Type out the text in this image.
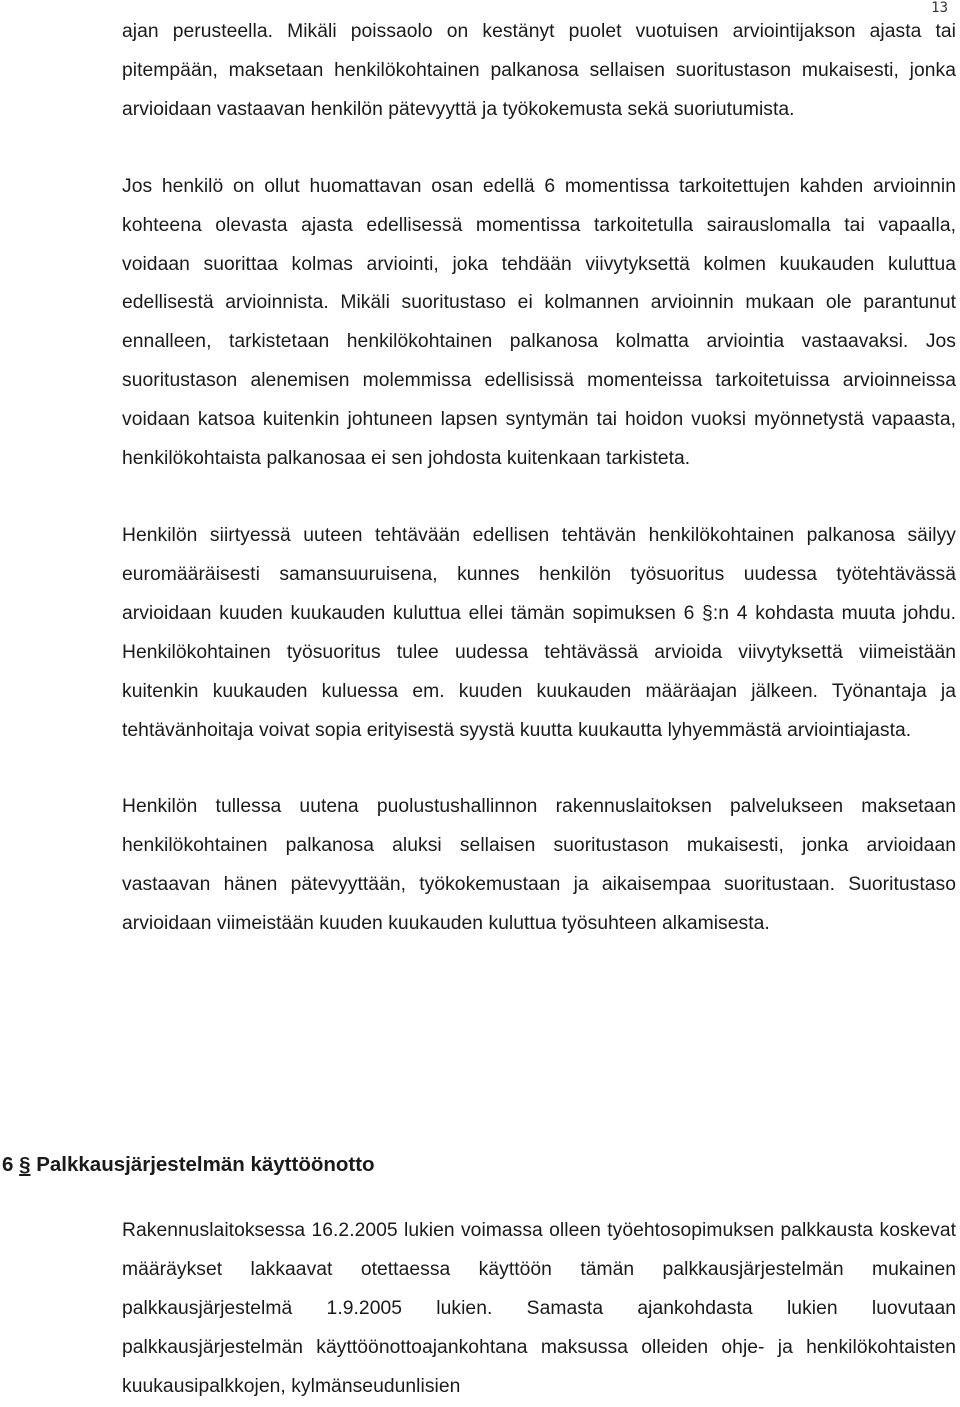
13

ajan perusteella. Mikäli poissaolo on kestänyt puolet vuotuisen arviointijakson ajasta tai pitempään, maksetaan henkilökohtainen palkanosa sellaisen suoritustason mukaisesti, jonka arvioidaan vastaavan henkilön pätevyyttä ja työkokemusta sekä suoriutumista.

Jos henkilö on ollut huomattavan osan edellä 6 momentissa tarkoitettujen kahden arvioinnin kohteena olevasta ajasta edellisessä momentissa tarkoitetulla sairauslomalla tai vapaalla, voidaan suorittaa kolmas arviointi, joka tehdään viivytyksettä kolmen kuukauden kuluttua edellisestä arvioinnista. Mikäli suoritustaso ei kolmannen arvioinnin mukaan ole parantunut ennalleen, tarkistetaan henkilökohtainen palkanosa kolmatta arviointia vastaavaksi. Jos suoritustason alenemisen molemmissa edellisissä momenteissa tarkoitetuissa arvioinneissa voidaan katsoa kuitenkin johtuneen lapsen syntymän tai hoidon vuoksi myönnetystä vapaasta, henkilökohtaista palkanosaa ei sen johdosta kuitenkaan tarkisteta.

Henkilön siirtyessä uuteen tehtävään edellisen tehtävän henkilökohtainen palkanosa säilyy euromääräisesti samansuuruisena, kunnes henkilön työsuoritus uudessa työtehtävässä arvioidaan kuuden kuukauden kuluttua ellei tämän sopimuksen 6 §:n 4 kohdasta muuta johdu. Henkilökohtainen työsuoritus tulee uudessa tehtävässä arvioida viivytyksettä viimeistään kuitenkin kuukauden kuluessa em. kuuden kuukauden määräajan jälkeen. Työnantaja ja tehtävänhoitaja voivat sopia erityisestä syystä kuutta kuukautta lyhyemmästä arviointiajasta.

Henkilön tullessa uutena puolustushallinnon rakennuslaitoksen palvelukseen maksetaan henkilökohtainen palkanosa aluksi sellaisen suoritustason mukaisesti, jonka arvioidaan vastaavan hänen pätevyyttään, työkokemustaan ja aikaisempaa suoritustaan. Suoritustaso arvioidaan viimeistään kuuden kuukauden kuluttua työsuhteen alkamisesta.

6 § Palkkausjärjestelmän käyttöönotto

Rakennuslaitoksessa 16.2.2005 lukien voimassa olleen työehtosopimuksen palkkausta koskevat määräykset lakkaavat otettaessa käyttöön tämän palkkausjärjestelmän mukainen palkkausjärjestelmä 1.9.2005 lukien. Samasta ajankohdasta lukien luovutaan palkkausjärjestelmän käyttöönottoajankohtana maksussa olleiden ohje- ja henkilökohtaisten kuukausipalkkojen, kylmänseudunlisien
